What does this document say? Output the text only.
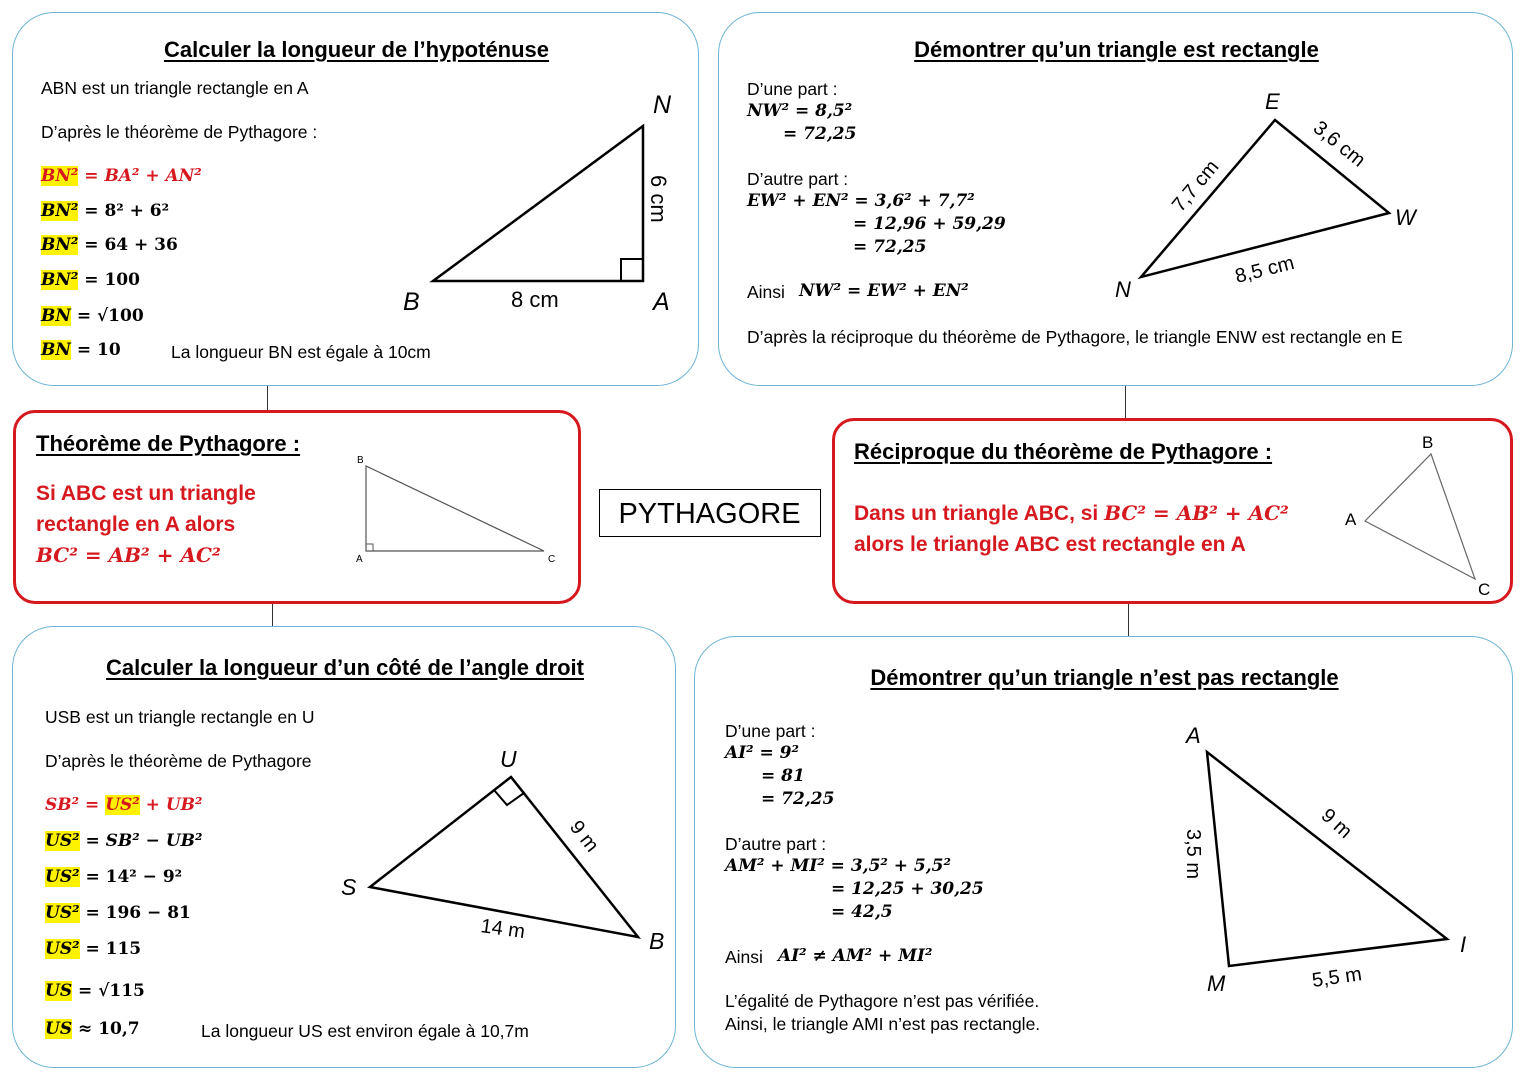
Calculer la longueur de l’hypoténuse

ABN est un triangle rectangle en A

D’après le théorème de Pythagore :

BN² = BA² + AN²

BN² = 8² + 6²

BN² = 64 + 36

BN² = 100

BN = √100

BN = 10	La longueur BN est égale à 10cm

N
B	A
8 cm
6 cm

Démontrer qu’un triangle est rectangle

D’une part :

NW² = 8,5²

= 72,25

D’autre part :

EW² + EN² = 3,6² + 7,7²

= 12,96 + 59,29

= 72,25

Ainsi NW² = EW² + EN²

D’après la réciproque du théorème de Pythagore, le triangle ENW est rectangle en E

E
N
W
7,7 cm
3,6 cm
8,5 cm

Théorème de Pythagore :

Si ABC est un triangle

rectangle en A alors

BC² = AB² + AC²

B
A	C

PYTHAGORE

Réciproque du théorème de Pythagore :

Dans un triangle ABC, si BC² = AB² + AC²

alors le triangle ABC est rectangle en A

B
A
C

Calculer la longueur d’un côté de l’angle droit

USB est un triangle rectangle en U

D’après le théorème de Pythagore

SB² = US² + UB²

US² = SB² − UB²

US² = 14² − 9²

US² = 196 − 81

US² = 115

US = √115

US ≈ 10,7	La longueur US est environ égale à 10,7m

U
S
B
9 m
14 m

Démontrer qu’un triangle n’est pas rectangle

D’une part :

AI² = 9²

= 81

= 72,25

D’autre part :

AM² + MI² = 3,5² + 5,5²

= 12,25 + 30,25

= 42,5

Ainsi AI² ≠ AM² + MI²

L’égalité de Pythagore n’est pas vérifiée.

Ainsi, le triangle AMI n’est pas rectangle.

A
M
I
3,5 m
9 m
5,5 m
